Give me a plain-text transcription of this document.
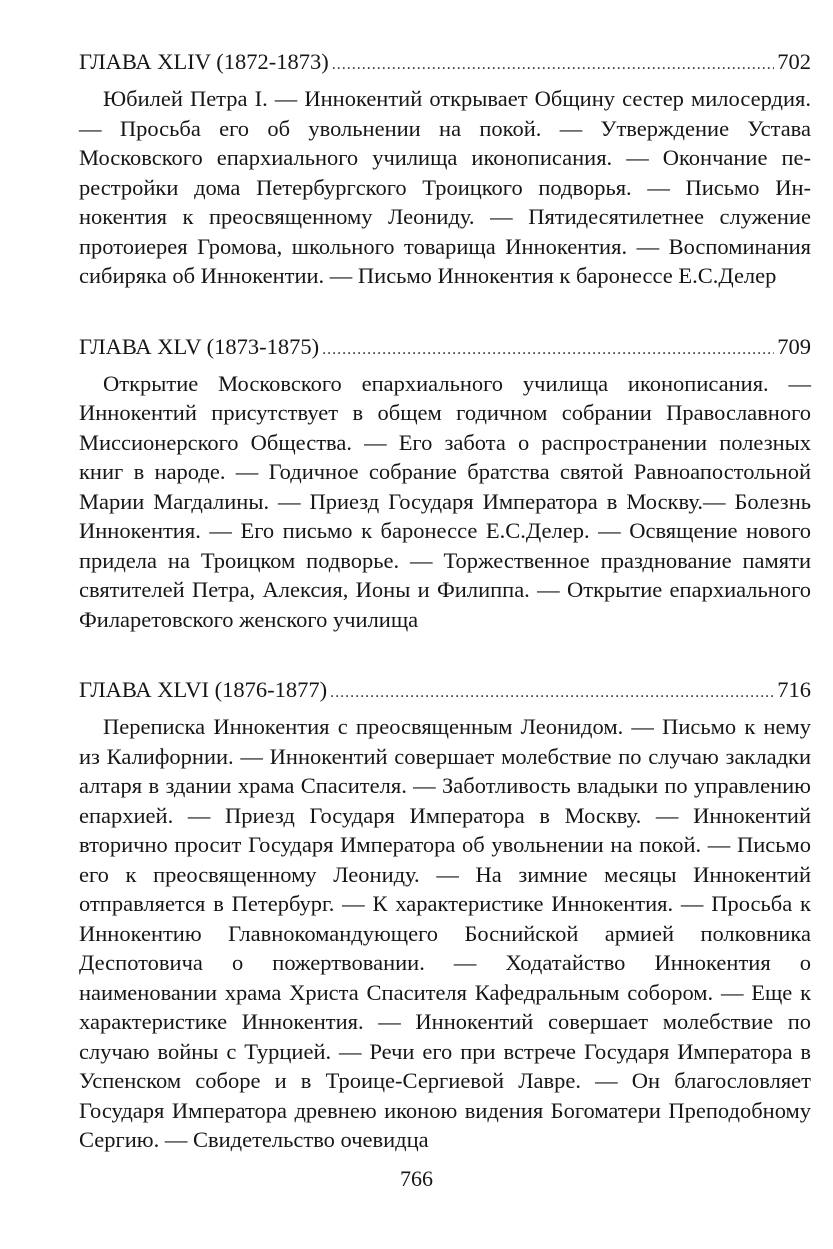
ГЛАВА XLIV (1872-1873) .....	702

Юбилей Петра I. — Иннокентий открывает Общину сестер милосердия. — Просьба его об увольнении на покой. — Утверждение Устава Московского епархиального училища иконописания. — Окончание перестройки дома Петербургского Троицкого подворья. — Письмо Иннокентия к преосвященному Леониду. — Пятидесятилетнее служение протоиерея Громова, школьного товарища Иннокентия. — Воспоминания сибиряка об Иннокентии. — Письмо Иннокентия к баронессе Е.С.Делер

ГЛАВА XLV (1873-1875) .....	709

Открытие Московского епархиального училища иконописания. — Иннокентий присутствует в общем годичном собрании Православного Миссионерского Общества. — Его забота о распространении полезных книг в народе. — Годичное собрание братства святой Равноапостольной Марии Магдалины. — Приезд Государя Императора в Москву.— Болезнь Иннокентия. — Его письмо к баронессе Е.С.Делер. — Освящение нового придела на Троицком подворье. — Торжественное празднование памяти святителей Петра, Алексия, Ионы и Филиппа. — Открытие епархиального Филаретовского женского училища

ГЛАВА XLVI (1876-1877) .....	716

Переписка Иннокентия с преосвященным Леонидом. — Письмо к нему из Калифорнии. — Иннокентий совершает молебствие по случаю закладки алтаря в здании храма Спасителя. — Заботливость владыки по управлению епархией. — Приезд Государя Императора в Москву. — Иннокентий вторично просит Государя Императора об увольнении на покой. — Письмо его к преосвященному Леониду. — На зимние месяцы Иннокентий отправляется в Петербург. — К характеристике Иннокентия. — Просьба к Иннокентию Главнокомандующего Боснийской армией полковника Деспотовича о пожертвовании. — Ходатайство Иннокентия о наименовании храма Христа Спасителя Кафедральным собором. — Еще к характеристике Иннокентия. — Иннокентий совершает молебствие по случаю войны с Турцией. — Речи его при встрече Государя Императора в Успенском соборе и в Троице-Сергиевой Лавре. — Он благословляет Государя Императора древнею иконою видения Богоматери Преподобному Сергию. — Свидетельство очевидца

766
